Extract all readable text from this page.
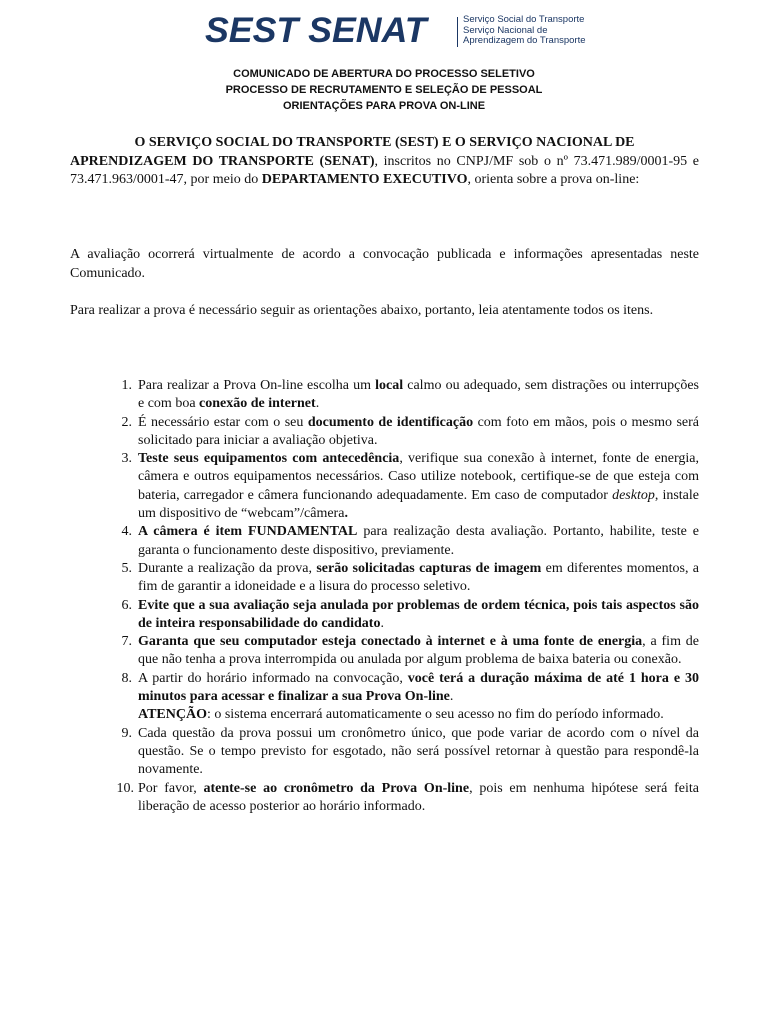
SEST SENAT	Serviço Social do Transporte
Serviço Nacional de
Aprendizagem do Transporte
COMUNICADO DE ABERTURA DO PROCESSO SELETIVO
PROCESSO DE RECRUTAMENTO E SELEÇÃO DE PESSOAL
ORIENTAÇÕES PARA PROVA ON-LINE
O SERVIÇO SOCIAL DO TRANSPORTE (SEST) E O SERVIÇO NACIONAL DE
APRENDIZAGEM DO TRANSPORTE (SENAT), inscritos no CNPJ/MF sob o nº 73.471.989/0001-95 e 73.471.963/0001-47, por meio do DEPARTAMENTO EXECUTIVO, orienta sobre a prova on-line:
A avaliação ocorrerá virtualmente de acordo a convocação publicada e informações apresentadas neste Comunicado.
Para realizar a prova é necessário seguir as orientações abaixo, portanto, leia atentamente todos os itens.
1. Para realizar a Prova On-line escolha um local calmo ou adequado, sem distrações ou interrupções e com boa conexão de internet.
2. É necessário estar com o seu documento de identificação com foto em mãos, pois o mesmo será solicitado para iniciar a avaliação objetiva.
3. Teste seus equipamentos com antecedência, verifique sua conexão à internet, fonte de energia, câmera e outros equipamentos necessários. Caso utilize notebook, certifique-se de que esteja com bateria, carregador e câmera funcionando adequadamente. Em caso de computador desktop, instale um dispositivo de “webcam”/câmera.
4. A câmera é item FUNDAMENTAL para realização desta avaliação. Portanto, habilite, teste e garanta o funcionamento deste dispositivo, previamente.
5. Durante a realização da prova, serão solicitadas capturas de imagem em diferentes momentos, a fim de garantir a idoneidade e a lisura do processo seletivo.
6. Evite que a sua avaliação seja anulada por problemas de ordem técnica, pois tais aspectos são de inteira responsabilidade do candidato.
7. Garanta que seu computador esteja conectado à internet e à uma fonte de energia, a fim de que não tenha a prova interrompida ou anulada por algum problema de baixa bateria ou conexão.
8. A partir do horário informado na convocação, você terá a duração máxima de até 1 hora e 30 minutos para acessar e finalizar a sua Prova On-line.
ATENÇÃO: o sistema encerrará automaticamente o seu acesso no fim do período informado.
9. Cada questão da prova possui um cronômetro único, que pode variar de acordo com o nível da questão. Se o tempo previsto for esgotado, não será possível retornar à questão para respondê-la novamente.
10. Por favor, atente-se ao cronômetro da Prova On-line, pois em nenhuma hipótese será feita liberação de acesso posterior ao horário informado.
